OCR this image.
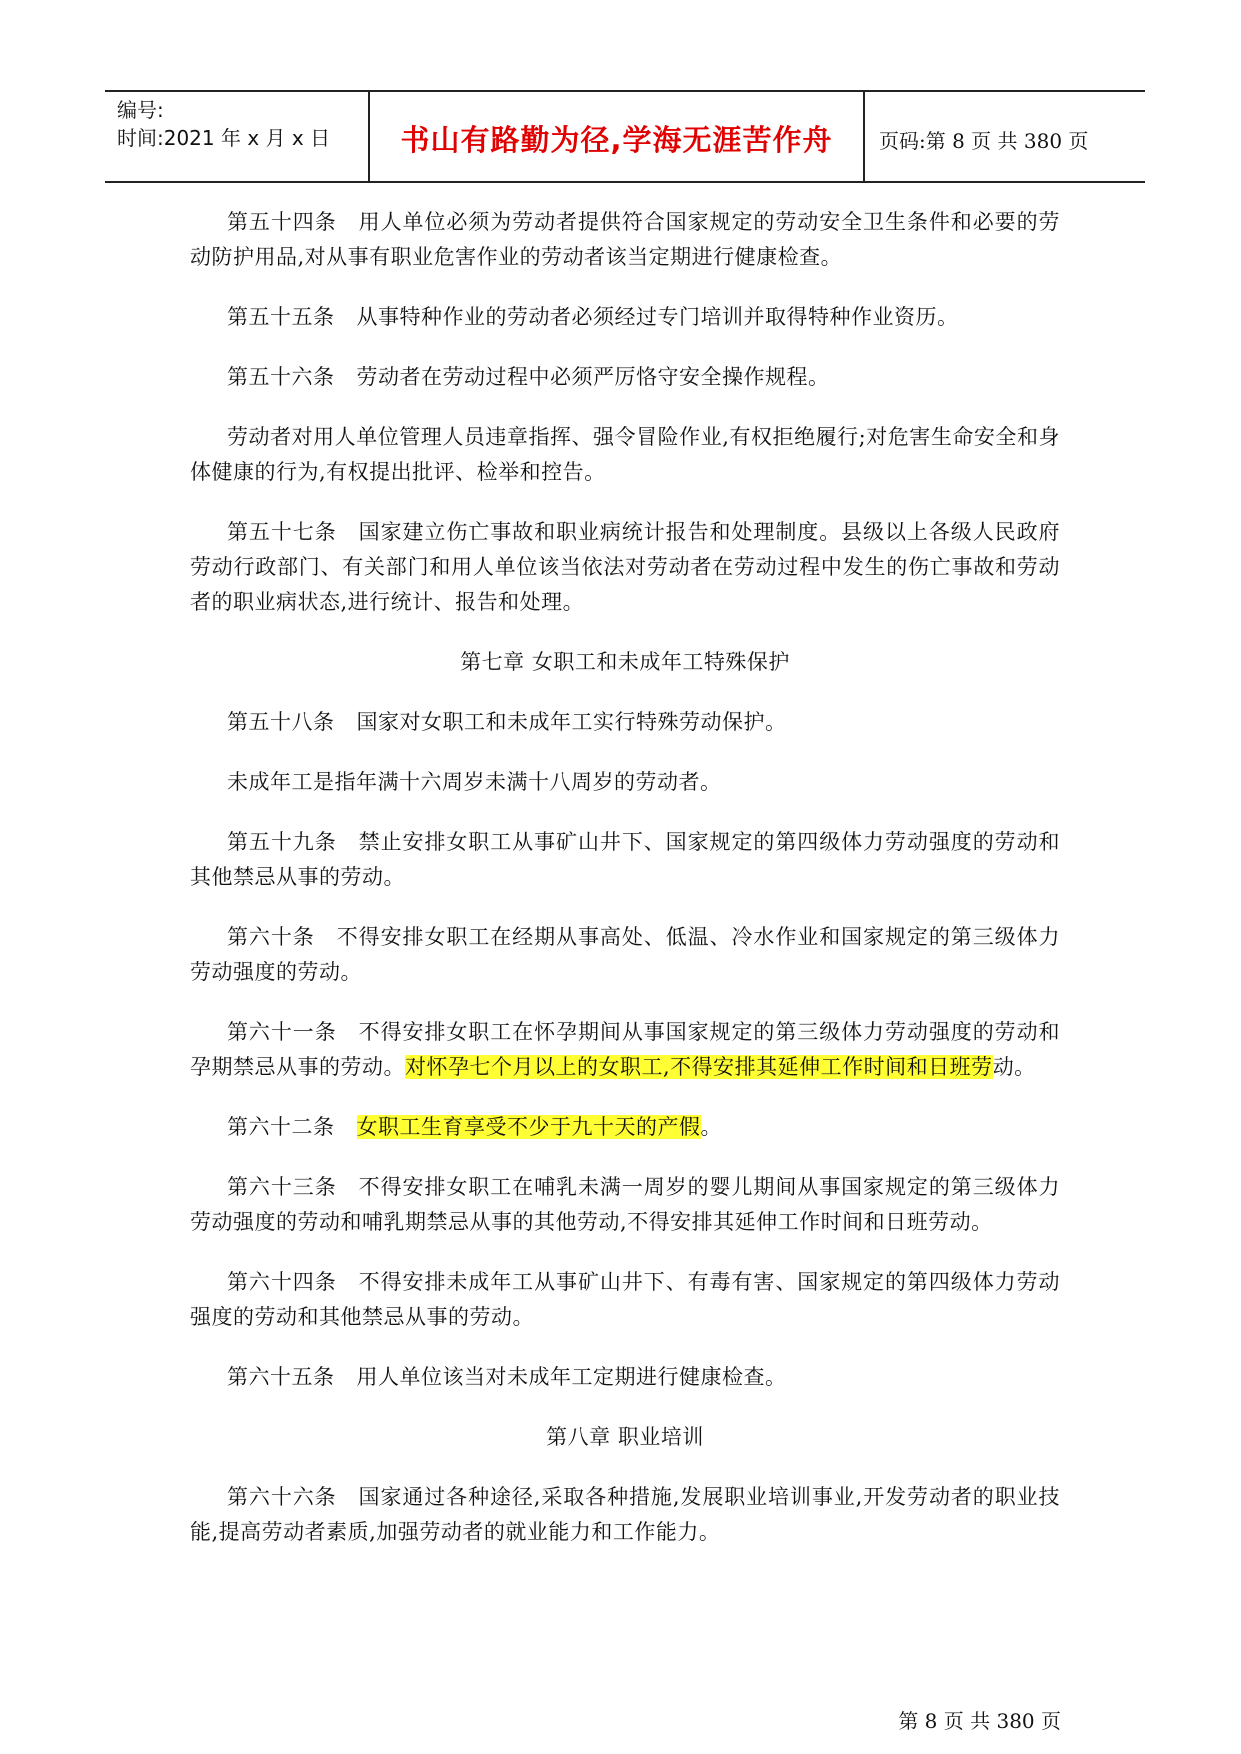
编号:
时间:2021 年 x 月 x 日	书山有路勤为径,学海无涯苦作舟	页码:第 8 页 共 380 页

第五十四条 用人单位必须为劳动者提供符合国家规定的劳动安全卫生条件和必要的劳动防护用品,对从事有职业危害作业的劳动者该当定期进行健康检查。

第五十五条 从事特种作业的劳动者必须经过专门培训并取得特种作业资历。

第五十六条 劳动者在劳动过程中必须严厉恪守安全操作规程。

劳动者对用人单位管理人员违章指挥、强令冒险作业,有权拒绝履行;对危害生命安全和身体健康的行为,有权提出批评、检举和控告。

第五十七条 国家建立伤亡事故和职业病统计报告和处理制度。县级以上各级人民政府劳动行政部门、有关部门和用人单位该当依法对劳动者在劳动过程中发生的伤亡事故和劳动者的职业病状态,进行统计、报告和处理。

第七章 女职工和未成年工特殊保护

第五十八条 国家对女职工和未成年工实行特殊劳动保护。

未成年工是指年满十六周岁未满十八周岁的劳动者。

第五十九条 禁止安排女职工从事矿山井下、国家规定的第四级体力劳动强度的劳动和其他禁忌从事的劳动。

第六十条 不得安排女职工在经期从事高处、低温、冷水作业和国家规定的第三级体力劳动强度的劳动。

第六十一条 不得安排女职工在怀孕期间从事国家规定的第三级体力劳动强度的劳动和孕期禁忌从事的劳动。对怀孕七个月以上的女职工,不得安排其延伸工作时间和日班劳动。

第六十二条 女职工生育享受不少于九十天的产假。

第六十三条 不得安排女职工在哺乳未满一周岁的婴儿期间从事国家规定的第三级体力劳动强度的劳动和哺乳期禁忌从事的其他劳动,不得安排其延伸工作时间和日班劳动。

第六十四条 不得安排未成年工从事矿山井下、有毒有害、国家规定的第四级体力劳动强度的劳动和其他禁忌从事的劳动。

第六十五条 用人单位该当对未成年工定期进行健康检查。

第八章 职业培训

第六十六条 国家通过各种途径,采取各种措施,发展职业培训事业,开发劳动者的职业技能,提高劳动者素质,加强劳动者的就业能力和工作能力。

第 8 页 共 380 页
